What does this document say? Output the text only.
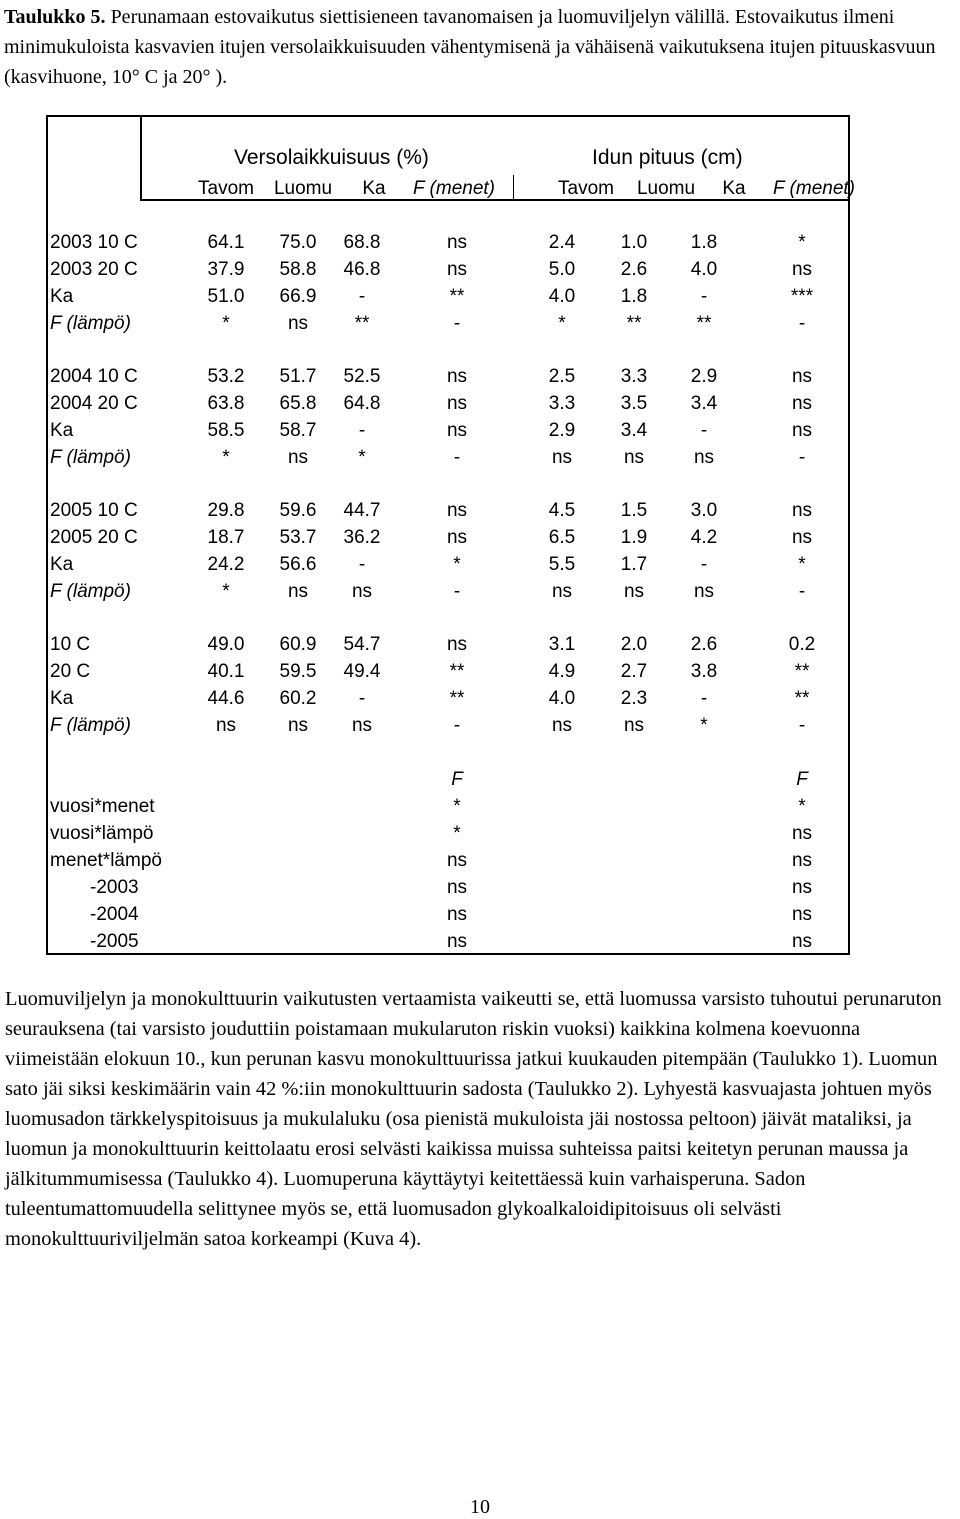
Taulukko 5. Perunamaan estovaikutus siettisieneen tavanomaisen ja luomuviljelyn välillä. Estovaikutus ilmeni minimukuloista kasvavien itujen versolaikkuisuuden vähentymisenä ja vähäisenä vaikutuksena itujen pituuskasvuun (kasvihuone, 10° C ja 20° ).
Versolaikkuisuus (%)	Idun pituus (cm)
Tavom Luomu Ka F (menet)	Tavom Luomu Ka F (menet)
2003 10 C	64.1 75.0 68.8	ns	2.4 1.0 1.8	*
2003 20 C	37.9 58.8 46.8	ns	5.0 2.6 4.0	ns
Ka	51.0 66.9 -	**	4.0 1.8	-	***
F (lämpö)	*	ns **	-	*	**	**	-
2004 10 C	53.2 51.7 52.5	ns	2.5 3.3 2.9	ns
2004 20 C	63.8 65.8 64.8	ns	3.3 3.5 3.4	ns
Ka	58.5 58.7 -	ns	2.9 3.4	-	ns
F (lämpö)	*	ns	*	-	ns	ns	ns	-
2005 10 C	29.8 59.6 44.7	ns	4.5 1.5 3.0	ns
2005 20 C	18.7 53.7 36.2	ns	6.5 1.9 4.2	ns
Ka	24.2 56.6 -	*	5.5 1.7	-	*
F (lämpö)	*	ns ns	-	ns	ns	ns	-
10 C	49.0 60.9 54.7	ns	3.1 2.0 2.6	0.2
20 C	40.1 59.5 49.4	**	4.9 2.7 3.8	**
Ka	44.6 60.2 -	**	4.0 2.3	-	**
F (lämpö)	ns	ns ns	-	ns	ns	*	-
F	F
vuosi*menet	*	*
vuosi*lämpö	*	ns
menet*lämpö	ns	ns
-2003	ns	ns
-2004	ns	ns
-2005	ns	ns

Luomuviljelyn ja monokulttuurin vaikutusten vertaamista vaikeutti se, että luomussa varsisto tuhoutui perunaruton seurauksena (tai varsisto jouduttiin poistamaan mukularuton riskin vuoksi) kaikkina kolmena koevuonna viimeistään elokuun 10., kun perunan kasvu monokulttuurissa jatkui kuukauden pitempään (Taulukko 1). Luomun sato jäi siksi keskimäärin vain 42 %:iin monokulttuurin sadosta (Taulukko 2). Lyhyestä kasvuajasta johtuen myös luomusadon tärkkelyspitoisuus ja mukulaluku (osa pienistä mukuloista jäi nostossa peltoon) jäivät mataliksi, ja luomun ja monokulttuurin keittolaatu erosi selvästi kaikissa muissa suhteissa paitsi keitetyn perunan maussa ja jälkitummumisessa (Taulukko 4). Luomuperuna käyttäytyi keitettäessä kuin varhaisperuna. Sadon tuleentumattomuudella selittynee myös se, että luomusadon glykoalkaloidipitoisuus oli selvästi monokulttuuriviljelmän satoa korkeampi (Kuva 4).

10
